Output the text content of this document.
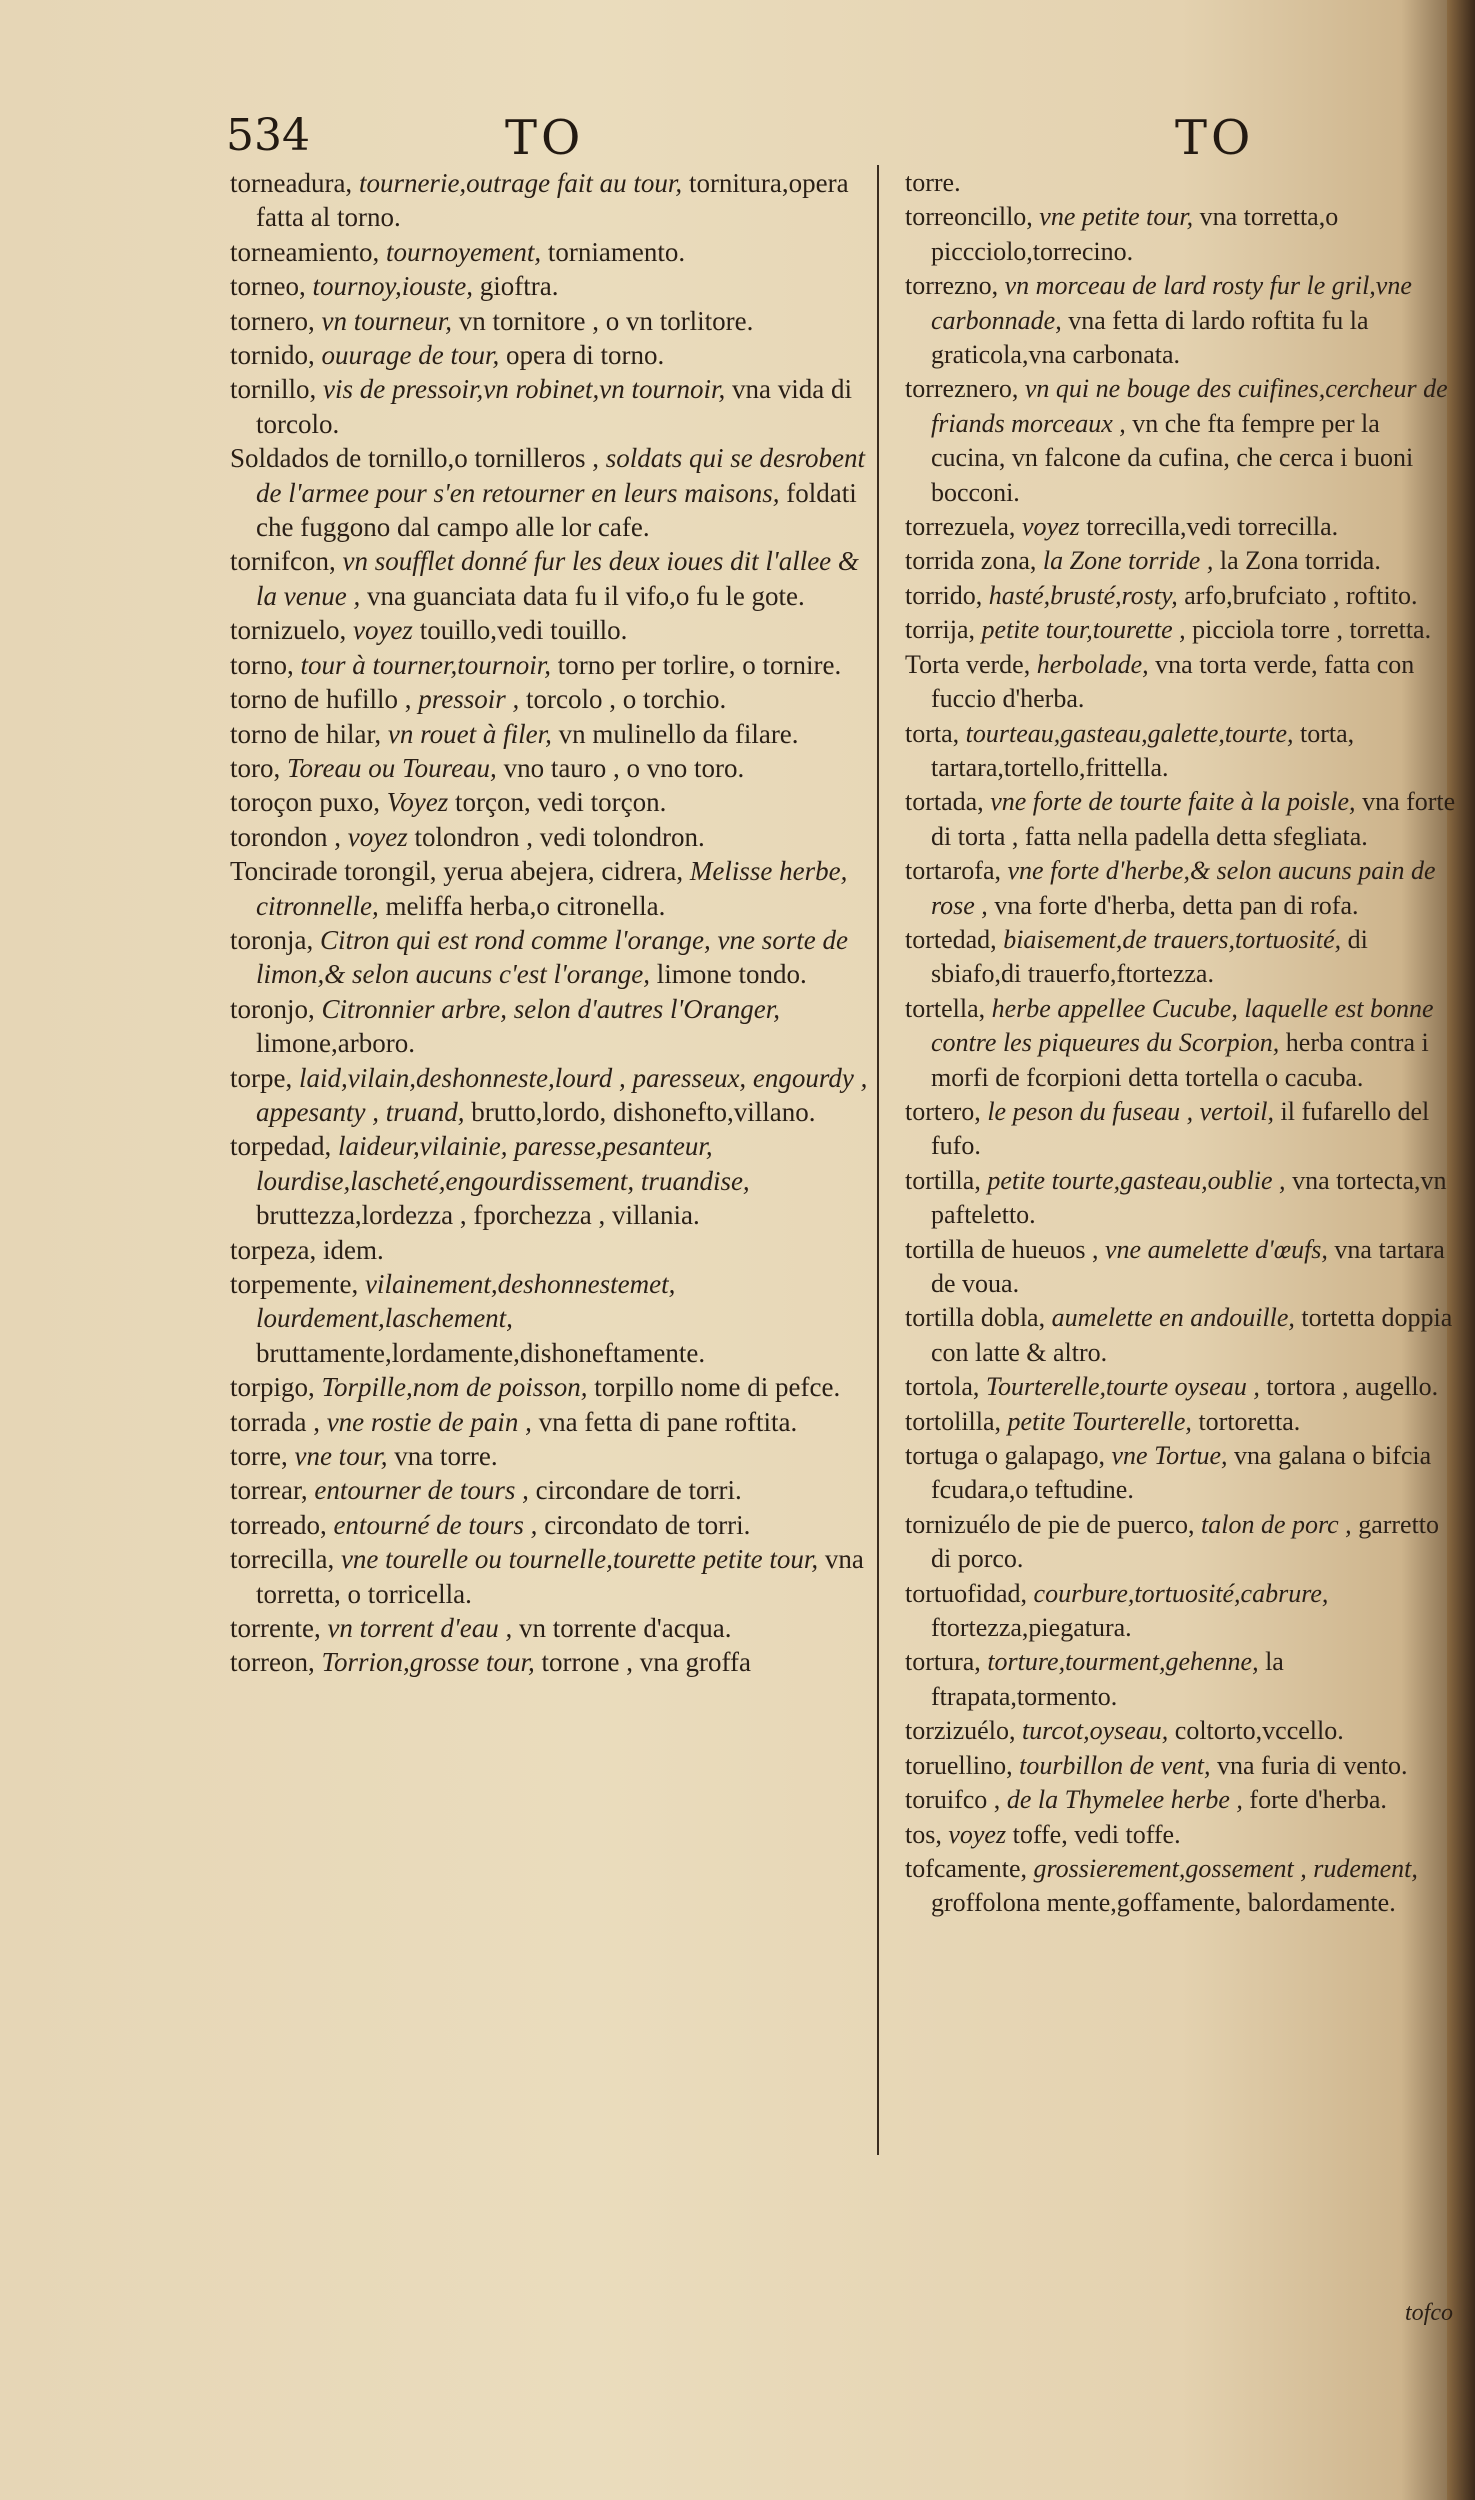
534	TO	TO

torneadura, tournerie,outrage fait au tour, tornitura,opera fatta al torno.

torneamiento, tournoyement, torniamento.

torneo, tournoy,iouste, gioftra.

tornero, vn tourneur, vn tornitore , o vn torlitore.

tornido, ouurage de tour, opera di torno.

tornillo, vis de pressoir,vn robinet,vn tournoir, vna vida di torcolo.

Soldados de tornillo,o tornilleros , soldats qui se desrobent de l'armee pour s'en retourner en leurs maisons, foldati che fuggono dal campo alle lor cafe.

tornifcon, vn soufflet donné fur les deux ioues dit l'allee & la venue , vna guanciata data fu il vifo,o fu le gote.

tornizuelo, voyez touillo,vedi touillo.

torno, tour à tourner,tournoir, torno per torlire, o tornire.

torno de hufillo , pressoir , torcolo , o torchio.

torno de hilar, vn rouet à filer, vn mulinello da filare.

toro, Toreau ou Toureau, vno tauro , o vno toro.

toroçon puxo, Voyez torçon, vedi torçon.

torondon , voyez tolondron , vedi tolondron.

Toncirade torongil, yerua abejera, cidrera, Melisse herbe, citronnelle, meliffa herba,o citronella.

toronja, Citron qui est rond comme l'orange, vne sorte de limon,& selon aucuns c'est l'orange, limone tondo.

toronjo, Citronnier arbre, selon d'autres l'Oranger, limone,arboro.

torpe, laid,vilain,deshonneste,lourd , paresseux, engourdy , appesanty , truand, brutto,lordo, dishonefto,villano.

torpedad, laideur,vilainie, paresse,pesanteur, lourdise,lascheté,engourdissement, truandise, bruttezza,lordezza , fporchezza , villania.

torpeza, idem.

torpemente, vilainement,deshonnestemet, lourdement,laschement, bruttamente,lordamente,dishoneftamente.

torpigo, Torpille,nom de poisson, torpillo nome di pefce.

torrada , vne rostie de pain , vna fetta di pane roftita.

torre, vne tour, vna torre.

torrear, entourner de tours , circondare de torri.

torreado, entourné de tours , circondato de torri.

torrecilla, vne tourelle ou tournelle,tourette petite tour, vna torretta, o torricella.

torrente, vn torrent d'eau , vn torrente d'acqua.

torreon, Torrion,grosse tour, torrone , vna groffa

torre.

torreoncillo, vne petite tour, vna torretta,o piccciolo,torrecino.

torrezno, vn morceau de lard rosty fur le gril,vne carbonnade, vna fetta di lardo roftita fu la graticola,vna carbonata.

torreznero, vn qui ne bouge des cuifines,cercheur de friands morceaux , vn che fta fempre per la cucina, vn falcone da cufina, che cerca i buoni bocconi.

torrezuela, voyez torrecilla,vedi torrecilla.

torrida zona, la Zone torride , la Zona torrida.

torrido, hasté,brusté,rosty, arfo,brufciato , roftito.

torrija, petite tour,tourette , picciola torre , torretta.

Torta verde, herbolade, vna torta verde, fatta con fuccio d'herba.

torta, tourteau,gasteau,galette,tourte, torta, tartara,tortello,frittella.

tortada, vne forte de tourte faite à la poisle, vna forte di torta , fatta nella padella detta sfegliata.

tortarofa, vne forte d'herbe,& selon aucuns pain de rose , vna forte d'herba, detta pan di rofa.

tortedad, biaisement,de trauers,tortuosité, di sbiafo,di trauerfo,ftortezza.

tortella, herbe appellee Cucube, laquelle est bonne contre les piqueures du Scorpion, herba contra i morfi de fcorpioni detta tortella o cacuba.

tortero, le peson du fuseau , vertoil, il fufarello del fufo.

tortilla, petite tourte,gasteau,oublie , vna tortecta,vn pafteletto.

tortilla de hueuos , vne aumelette d'œufs, vna tartara de voua.

tortilla dobla, aumelette en andouille, tortetta doppia con latte & altro.

tortola, Tourterelle,tourte oyseau , tortora , augello.

tortolilla, petite Tourterelle, tortoretta.

tortuga o galapago, vne Tortue, vna galana o bifcia fcudara,o teftudine.

tornizuélo de pie de puerco, talon de porc , garretto di porco.

tortuofidad, courbure,tortuosité,cabrure, ftortezza,piegatura.

tortura, torture,tourment,gehenne, la ftrapata,tormento.

torzizuélo, turcot,oyseau, coltorto,vccello.

toruellino, tourbillon de vent, vna furia di vento.

toruifco , de la Thymelee herbe , forte d'herba.

tos, voyez toffe, vedi toffe.

tofcamente, grossierement,gossement , rudement, groffolona mente,goffamente, balordamente.

tofco
